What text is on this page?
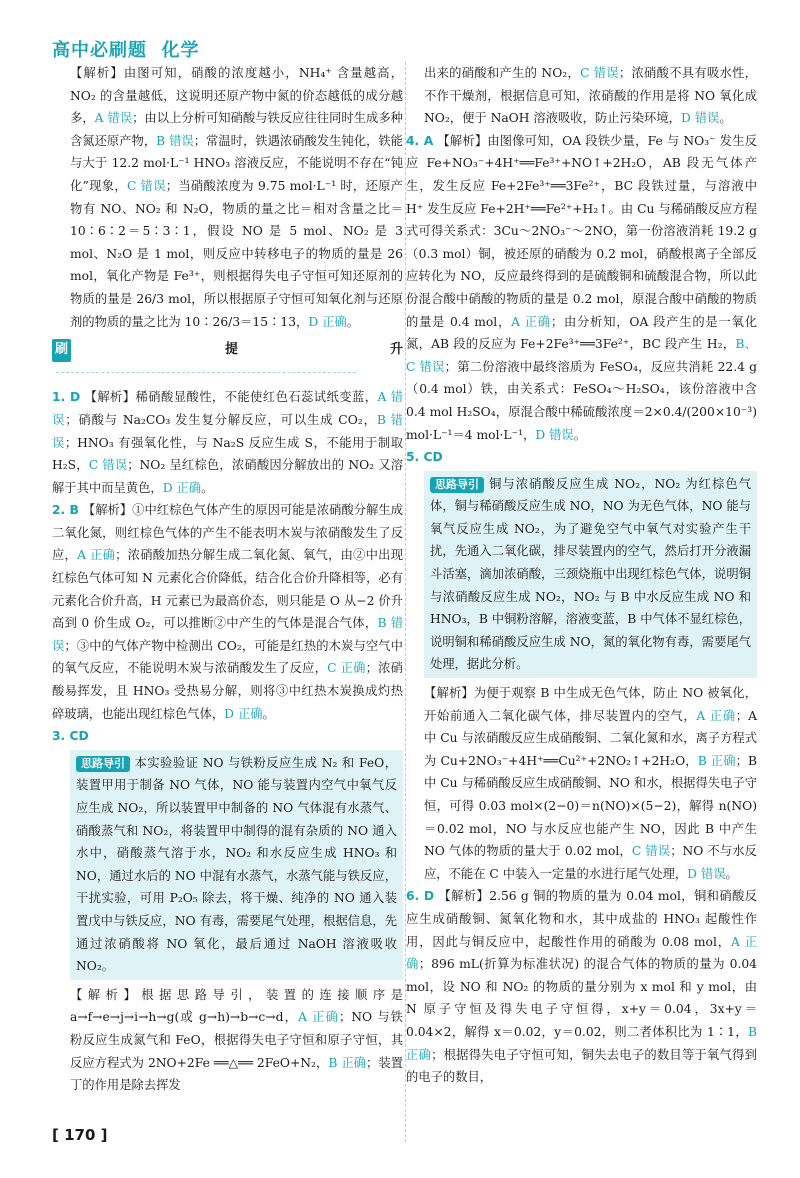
高中必刷题 化学

【解析】由图可知，硝酸的浓度越小，NH₄⁺ 含量越高，NO₂ 的含量越低，这说明还原产物中氮的价态越低的成分越多，A 错误；由以上分析可知硝酸与铁反应往往同时生成多种含氮还原产物，B 错误；常温时，铁遇浓硝酸发生钝化，铁能与大于 12.2 mol·L⁻¹ HNO₃ 溶液反应，不能说明不存在“钝化”现象，C 错误；当硝酸浓度为 9.75 mol·L⁻¹ 时，还原产物有 NO、NO₂ 和 N₂O，物质的量之比＝相对含量之比＝10∶6∶2＝5∶3∶1，假设 NO 是 5 mol、NO₂ 是 3 mol、N₂O 是 1 mol，则反应中转移电子的物质的量是 26 mol，氧化产物是 Fe³⁺，则根据得失电子守恒可知还原剂的物质的量是 26/3 mol，所以根据原子守恒可知氧化剂与还原剂的物质的量之比为 10∶26/3＝15∶13，D 正确。

刷 提升

1. D 【解析】稀硝酸显酸性，不能使红色石蕊试纸变蓝，A 错误；硝酸与 Na₂CO₃ 发生复分解反应，可以生成 CO₂，B 错误；HNO₃ 有强氧化性，与 Na₂S 反应生成 S，不能用于制取 H₂S，C 错误；NO₂ 呈红棕色，浓硝酸因分解放出的 NO₂ 又溶解于其中而呈黄色，D 正确。

2. B 【解析】①中红棕色气体产生的原因可能是浓硝酸分解生成二氧化氮，则红棕色气体的产生不能表明木炭与浓硝酸发生了反应，A 正确；浓硝酸加热分解生成二氧化氮、氧气，由②中出现红棕色气体可知 N 元素化合价降低，结合化合价升降相等，必有元素化合价升高，H 元素已为最高价态，则只能是 O 从−2 价升高到 0 价生成 O₂，可以推断②中产生的气体是混合气体，B 错误；③中的气体产物中检测出 CO₂，可能是红热的木炭与空气中的氧气反应，不能说明木炭与浓硝酸发生了反应，C 正确；浓硝酸易挥发，且 HNO₃ 受热易分解，则将③中红热木炭换成灼热碎玻璃，也能出现红棕色气体，D 正确。

3. CD

思路导引 本实验验证 NO 与铁粉反应生成 N₂ 和 FeO，装置甲用于制备 NO 气体，NO 能与装置内空气中氧气反应生成 NO₂，所以装置甲中制备的 NO 气体混有水蒸气、硝酸蒸气和 NO₂，将装置甲中制得的混有杂质的 NO 通入水中，硝酸蒸气溶于水，NO₂ 和水反应生成 HNO₃ 和 NO，通过水后的 NO 中混有水蒸气，水蒸气能与铁反应，干扰实验，可用 P₂O₅ 除去，将干燥、纯净的 NO 通入装置戊中与铁反应，NO 有毒，需要尾气处理，根据信息，先通过浓硝酸将 NO 氧化，最后通过 NaOH 溶液吸收 NO₂。

【解析】根据思路导引，装置的连接顺序是 a→f→e→j→i→h→g(或 g→h)→b→c→d，A 正确；NO 与铁粉反应生成氮气和 FeO，根据得失电子守恒和原子守恒，其反应方程式为 2NO+2Fe ══△══ 2FeO+N₂，B 正确；装置丁的作用是除去挥发

出来的硝酸和产生的 NO₂，C 错误；浓硝酸不具有吸水性，不作干燥剂，根据信息可知，浓硝酸的作用是将 NO 氧化成 NO₂，便于 NaOH 溶液吸收，防止污染环境，D 错误。

4. A 【解析】由图像可知，OA 段铁少量，Fe 与 NO₃⁻ 发生反应 Fe+NO₃⁻+4H⁺══Fe³⁺+NO↑+2H₂O，AB 段无气体产生，发生反应 Fe+2Fe³⁺══3Fe²⁺，BC 段铁过量，与溶液中 H⁺ 发生反应 Fe+2H⁺══Fe²⁺+H₂↑。由 Cu 与稀硝酸反应方程式可得关系式：3Cu～2NO₃⁻～2NO，第一份溶液消耗 19.2 g（0.3 mol）铜，被还原的硝酸为 0.2 mol，硝酸根离子全部反应转化为 NO，反应最终得到的是硫酸铜和硫酸混合物，所以此份混合酸中硝酸的物质的量是 0.2 mol，原混合酸中硝酸的物质的量是 0.4 mol，A 正确；由分析知，OA 段产生的是一氧化氮，AB 段的反应为 Fe+2Fe³⁺══3Fe²⁺，BC 段产生 H₂，B、C 错误；第二份溶液中最终溶质为 FeSO₄，反应共消耗 22.4 g（0.4 mol）铁，由关系式：FeSO₄～H₂SO₄，该份溶液中含 0.4 mol H₂SO₄，原混合酸中稀硫酸浓度＝2×0.4/(200×10⁻³) mol·L⁻¹＝4 mol·L⁻¹，D 错误。

5. CD

思路导引 铜与浓硝酸反应生成 NO₂，NO₂ 为红棕色气体，铜与稀硝酸反应生成 NO，NO 为无色气体，NO 能与氧气反应生成 NO₂，为了避免空气中氧气对实验产生干扰，先通入二氧化碳，排尽装置内的空气，然后打开分液漏斗活塞，滴加浓硝酸，三颈烧瓶中出现红棕色气体，说明铜与浓硝酸反应生成 NO₂，NO₂ 与 B 中水反应生成 NO 和 HNO₃，B 中铜粉溶解，溶液变蓝，B 中气体不显红棕色，说明铜和稀硝酸反应生成 NO，氮的氧化物有毒，需要尾气处理，据此分析。

【解析】为便于观察 B 中生成无色气体，防止 NO 被氧化，开始前通入二氧化碳气体，排尽装置内的空气，A 正确；A 中 Cu 与浓硝酸反应生成硝酸铜、二氧化氮和水，离子方程式为 Cu+2NO₃⁻+4H⁺══Cu²⁺+2NO₂↑+2H₂O，B 正确；B 中 Cu 与稀硝酸反应生成硝酸铜、NO 和水，根据得失电子守恒，可得 0.03 mol×(2−0)＝n(NO)×(5−2)，解得 n(NO)＝0.02 mol，NO 与水反应也能产生 NO，因此 B 中产生 NO 气体的物质的量大于 0.02 mol，C 错误；NO 不与水反应，不能在 C 中装入一定量的水进行尾气处理，D 错误。

6. D 【解析】2.56 g 铜的物质的量为 0.04 mol，铜和硝酸反应生成硝酸铜、氮氧化物和水，其中成盐的 HNO₃ 起酸性作用，因此与铜反应中，起酸性作用的硝酸为 0.08 mol，A 正确；896 mL(折算为标准状况) 的混合气体的物质的量为 0.04 mol，设 NO 和 NO₂ 的物质的量分别为 x mol 和 y mol，由 N 原子守恒及得失电子守恒得，x+y＝0.04，3x+y＝0.04×2，解得 x＝0.02，y＝0.02，则二者体积比为 1∶1，B 正确；根据得失电子守恒可知，铜失去电子的数目等于氧气得到的电子的数目，

[ 170 ]
